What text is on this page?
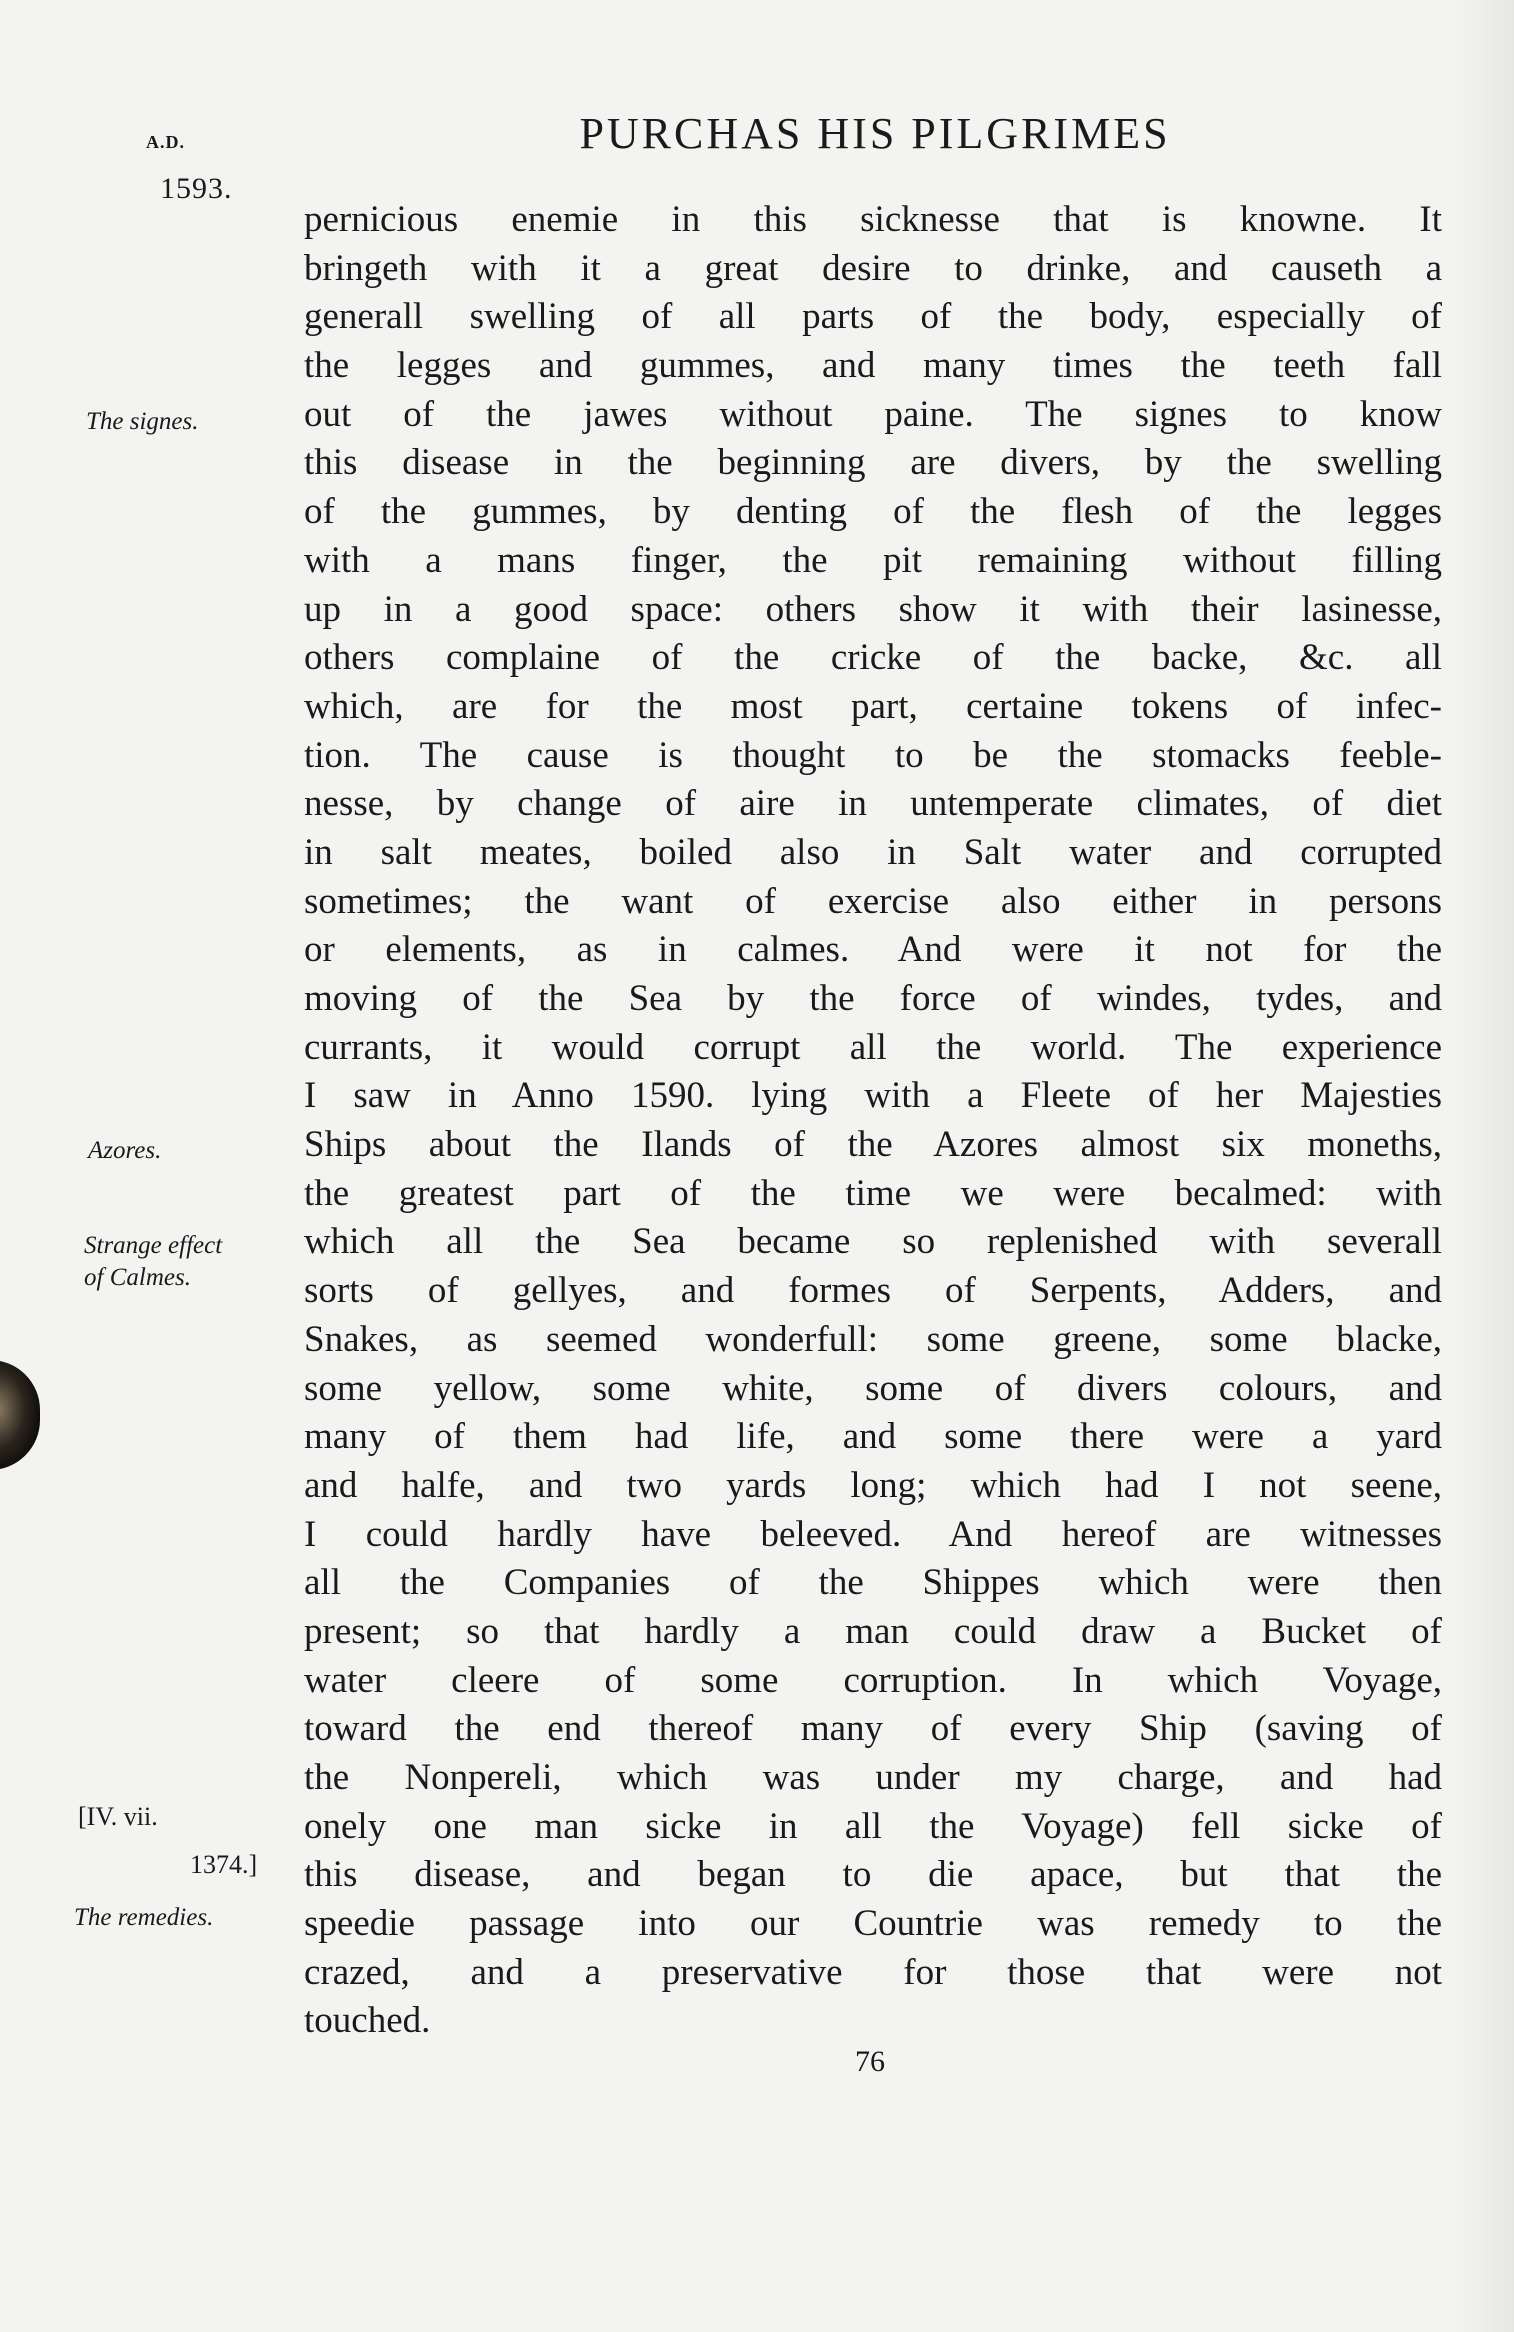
A.D.
1593.
PURCHAS HIS PILGRIMES
The signes.
Azores.
Strange effect
of Calmes.
[IV. vii.
1374.]
The remedies.
pernicious enemie in this sicknesse that is knowne. It
bringeth with it a great desire to drinke, and causeth a
generall swelling of all parts of the body, especially of
the legges and gummes, and many times the teeth fall
out of the jawes without paine. The signes to know
this disease in the beginning are divers, by the swelling
of the gummes, by denting of the flesh of the legges
with a mans finger, the pit remaining without filling
up in a good space: others show it with their lasinesse,
others complaine of the cricke of the backe, &c. all
which, are for the most part, certaine tokens of infec-
tion. The cause is thought to be the stomacks feeble-
nesse, by change of aire in untemperate climates, of diet
in salt meates, boiled also in Salt water and corrupted
sometimes; the want of exercise also either in persons
or elements, as in calmes. And were it not for the
moving of the Sea by the force of windes, tydes, and
currants, it would corrupt all the world. The experience
I saw in Anno 1590. lying with a Fleete of her Majesties
Ships about the Ilands of the Azores almost six moneths,
the greatest part of the time we were becalmed: with
which all the Sea became so replenished with severall
sorts of gellyes, and formes of Serpents, Adders, and
Snakes, as seemed wonderfull: some greene, some blacke,
some yellow, some white, some of divers colours, and
many of them had life, and some there were a yard
and halfe, and two yards long; which had I not seene,
I could hardly have beleeved. And hereof are witnesses
all the Companies of the Shippes which were then
present; so that hardly a man could draw a Bucket of
water cleere of some corruption. In which Voyage,
toward the end thereof many of every Ship (saving of
the Nonpereli, which was under my charge, and had
onely one man sicke in all the Voyage) fell sicke of
this disease, and began to die apace, but that the
speedie passage into our Countrie was remedy to the
crazed, and a preservative for those that were not
touched.
76
